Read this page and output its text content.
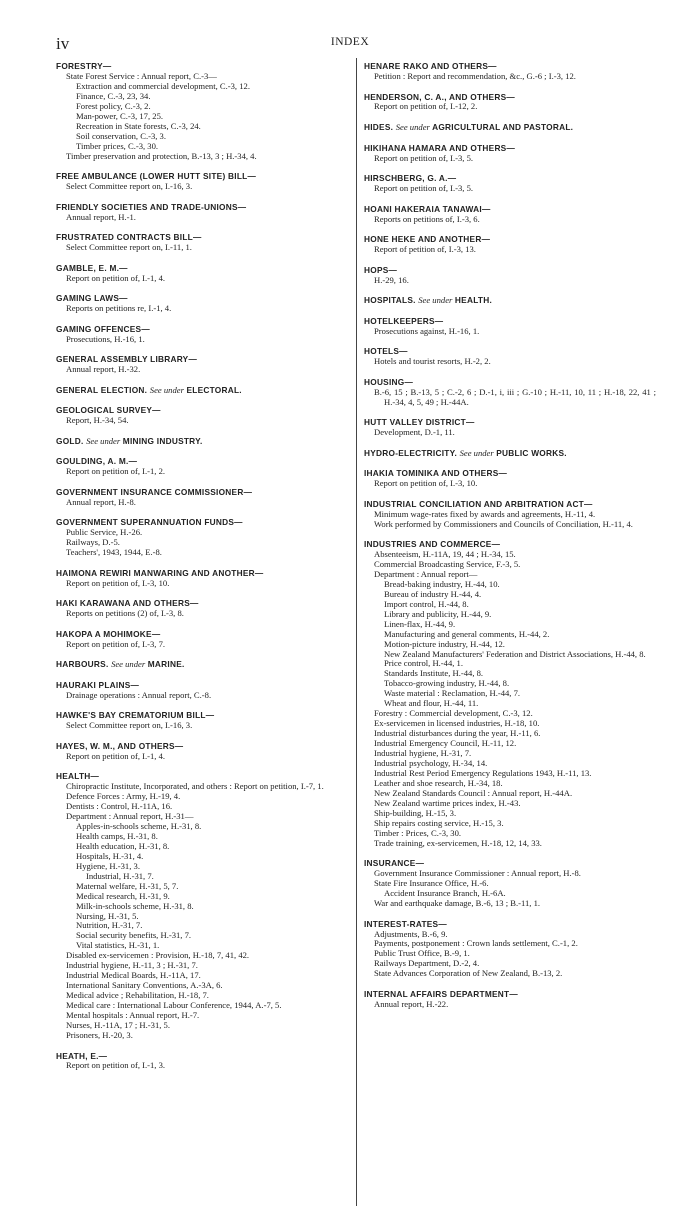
iv	INDEX
FORESTRY—
State Forest Service : Annual report, C.-3—
Extraction and commercial development, C.-3, 12.
Finance, C.-3, 23, 34.
Forest policy, C.-3, 2.
Man-power, C.-3, 17, 25.
Recreation in State forests, C.-3, 24.
Soil conservation, C.-3, 3.
Timber prices, C.-3, 30.
Timber preservation and protection, B.-13, 3 ; H.-34, 4.
FREE AMBULANCE (LOWER HUTT SITE) BILL—
Select Committee report on, I.-16, 3.
FRIENDLY SOCIETIES AND TRADE-UNIONS—
Annual report, H.-1.
FRUSTRATED CONTRACTS BILL—
Select Committee report on, I.-11, 1.
GAMBLE, E. M.—
Report on petition of, I.-1, 4.
GAMING LAWS—
Reports on petitions re, I.-1, 4.
GAMING OFFENCES—
Prosecutions, H.-16, 1.
GENERAL ASSEMBLY LIBRARY—
Annual report, H.-32.
GENERAL ELECTION. See under ELECTORAL.
GEOLOGICAL SURVEY—
Report, H.-34, 54.
GOLD. See under MINING INDUSTRY.
GOULDING, A. M.—
Report on petition of, I.-1, 2.
GOVERNMENT INSURANCE COMMISSIONER—
Annual report, H.-8.
GOVERNMENT SUPERANNUATION FUNDS—
Public Service, H.-26.
Railways, D.-5.
Teachers', 1943, 1944, E.-8.
HAIMONA REWIRI MANWARING AND ANOTHER—
Report on petition of, I.-3, 10.
HAKI KARAWANA AND OTHERS—
Reports on petitions (2) of, I.-3, 8.
HAKOPA A MOHIMOKE—
Report on petition of, I.-3, 7.
HARBOURS. See under MARINE.
HAURAKI PLAINS—
Drainage operations : Annual report, C.-8.
HAWKE'S BAY CREMATORIUM BILL—
Select Committee report on, I.-16, 3.
HAYES, W. M., AND OTHERS—
Report on petition of, I.-1, 4.
HEALTH—
Chiropractic Institute, Incorporated, and others : Report on petition, I.-7, 1.
Defence Forces : Army, H.-19, 4.
Dentists : Control, H.-11A, 16.
Department : Annual report, H.-31—
Apples-in-schools scheme, H.-31, 8.
Health camps, H.-31, 8.
Health education, H.-31, 8.
Hospitals, H.-31, 4.
Hygiene, H.-31, 3.
Industrial, H.-31, 7.
Maternal welfare, H.-31, 5, 7.
Medical research, H.-31, 9.
Milk-in-schools scheme, H.-31, 8.
Nursing, H.-31, 5.
Nutrition, H.-31, 7.
Social security benefits, H.-31, 7.
Vital statistics, H.-31, 1.
Disabled ex-servicemen : Provision, H.-18, 7, 41, 42.
Industrial hygiene, H.-11, 3 ; H.-31, 7.
Industrial Medical Boards, H.-11A, 17.
International Sanitary Conventions, A.-3A, 6.
Medical advice ; Rehabilitation, H.-18, 7.
Medical care : International Labour Conference, 1944, A.-7, 5.
Mental hospitals : Annual report, H.-7.
Nurses, H.-11A, 17 ; H.-31, 5.
Prisoners, H.-20, 3.
HEATH, E.—
Report on petition of, I.-1, 3.
HENARE RAKO AND OTHERS—
Petition : Report and recommendation, &c., G.-6 ; I.-3, 12.
HENDERSON, C. A., AND OTHERS—
Report on petition of, I.-12, 2.
HIDES. See under AGRICULTURAL AND PASTORAL.
HIKIHANA HAMARA AND OTHERS—
Report on petition of, I.-3, 5.
HIRSCHBERG, G. A.—
Report on petition of, I.-3, 5.
HOANI HAKERAIA TANAWAI—
Reports on petitions of, I.-3, 6.
HONE HEKE AND ANOTHER—
Report of petition of, I.-3, 13.
HOPS—
H.-29, 16.
HOSPITALS. See under HEALTH.
HOTELKEEPERS—
Prosecutions against, H.-16, 1.
HOTELS—
Hotels and tourist resorts, H.-2, 2.
HOUSING—
B.-6, 15 ; B.-13, 5 ; C.-2, 6 ; D.-1, i, iii ; G.-10 ; H.-11, 10, 11 ; H.-18, 22, 41 ; H.-34, 4, 5, 49 ; H.-44A.
HUTT VALLEY DISTRICT—
Development, D.-1, 11.
HYDRO-ELECTRICITY. See under PUBLIC WORKS.
IHAKIA TOMINIKA AND OTHERS—
Report on petition of, I.-3, 10.
INDUSTRIAL CONCILIATION AND ARBITRATION ACT—
Minimum wage-rates fixed by awards and agreements, H.-11, 4.
Work performed by Commissioners and Councils of Conciliation, H.-11, 4.
INDUSTRIES AND COMMERCE—
Absenteeism, H.-11A, 19, 44 ; H.-34, 15.
Commercial Broadcasting Service, F.-3, 5.
Department : Annual report—
Bread-baking industry, H.-44, 10.
Bureau of industry H.-44, 4.
Import control, H.-44, 8.
Library and publicity, H.-44, 9.
Linen-flax, H.-44, 9.
Manufacturing and general comments, H.-44, 2.
Motion-picture industry, H.-44, 12.
New Zealand Manufacturers' Federation and District Associations, H.-44, 8.
Price control, H.-44, 1.
Standards Institute, H.-44, 8.
Tobacco-growing industry, H.-44, 8.
Waste material : Reclamation, H.-44, 7.
Wheat and flour, H.-44, 11.
Forestry : Commercial development, C.-3, 12.
Ex-servicemen in licensed industries, H.-18, 10.
Industrial disturbances during the year, H.-11, 6.
Industrial Emergency Council, H.-11, 12.
Industrial hygiene, H.-31, 7.
Industrial psychology, H.-34, 14.
Industrial Rest Period Emergency Regulations 1943, H.-11, 13.
Leather and shoe research, H.-34, 18.
New Zealand Standards Council : Annual report, H.-44A.
New Zealand wartime prices index, H.-43.
Ship-building, H.-15, 3.
Ship repairs costing service, H.-15, 3.
Timber : Prices, C.-3, 30.
Trade training, ex-servicemen, H.-18, 12, 14, 33.
INSURANCE—
Government Insurance Commissioner : Annual report, H.-8.
State Fire Insurance Office, H.-6.
Accident Insurance Branch, H.-6A.
War and earthquake damage, B.-6, 13 ; B.-11, 1.
INTEREST-RATES—
Adjustments, B.-6, 9.
Payments, postponement : Crown lands settlement, C.-1, 2.
Public Trust Office, B.-9, 1.
Railways Department, D.-2, 4.
State Advances Corporation of New Zealand, B.-13, 2.
INTERNAL AFFAIRS DEPARTMENT—
Annual report, H.-22.
